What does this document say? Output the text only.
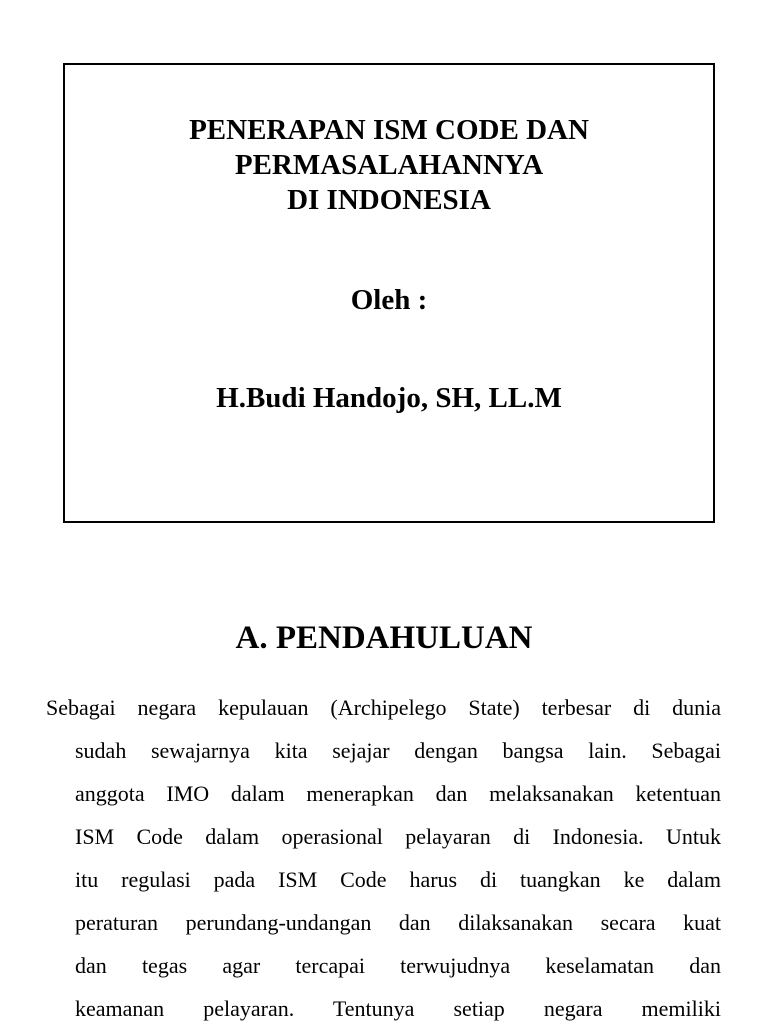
PENERAPAN ISM CODE DAN
PERMASALAHANNYA
DI INDONESIA
Oleh :
H.Budi Handojo, SH, LL.M
A. PENDAHULUAN
Sebagai negara kepulauan (Archipelego State) terbesar di dunia
sudah sewajarnya kita sejajar dengan bangsa lain. Sebagai
anggota IMO dalam menerapkan dan melaksanakan ketentuan
ISM Code dalam operasional pelayaran di Indonesia. Untuk
itu regulasi pada ISM Code harus di tuangkan ke dalam
peraturan perundang-undangan dan dilaksanakan secara kuat
dan tegas agar tercapai terwujudnya keselamatan dan
keamanan pelayaran. Tentunya setiap negara memiliki
